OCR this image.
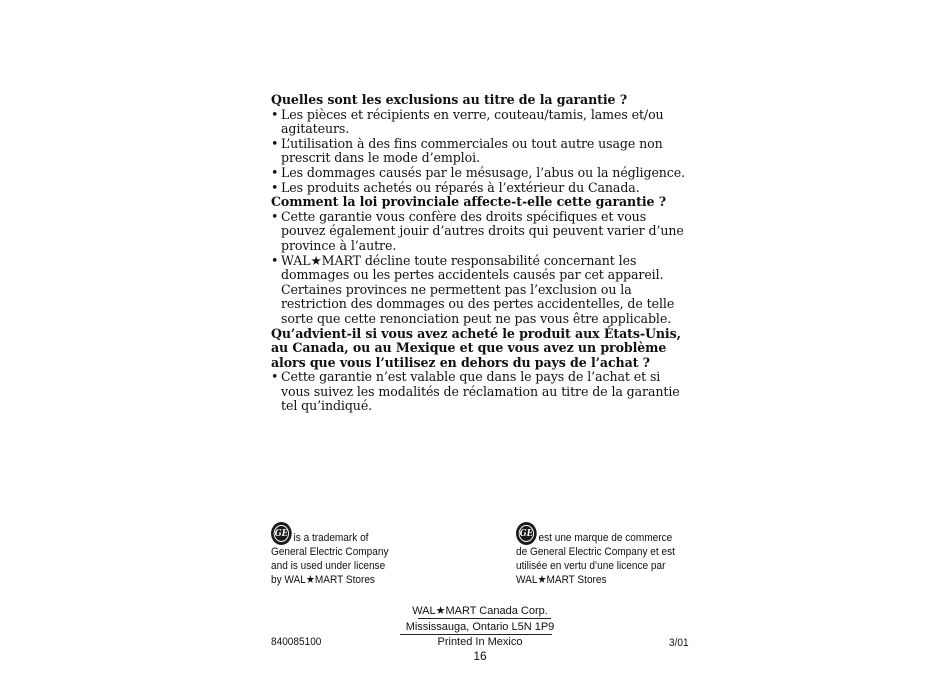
Quelles sont les exclusions au titre de la garantie ?

• Les pièces et récipients en verre, couteau/tamis, lames et/ou agitateurs.
• L’utilisation à des fins commerciales ou tout autre usage non prescrit dans le mode d’emploi.
• Les dommages causés par le mésusage, l’abus ou la négligence.
• Les produits achetés ou réparés à l’extérieur du Canada.

Comment la loi provinciale affecte-t-elle cette garantie ?

• Cette garantie vous confère des droits spécifiques et vous pouvez également jouir d’autres droits qui peuvent varier d’une province à l’autre.
• WAL★MART décline toute responsabilité concernant les dommages ou les pertes accidentels causés par cet appareil. Certaines provinces ne permettent pas l’exclusion ou la restriction des dommages ou des pertes accidentelles, de telle sorte que cette renonciation peut ne pas vous être applicable.

Qu’advient-il si vous avez acheté le produit aux États-Unis, au Canada, ou au Mexique et que vous avez un problème alors que vous l’utilisez en dehors du pays de l’achat ?

• Cette garantie n’est valable que dans le pays de l’achat et si vous suivez les modalités de réclamation au titre de la garantie tel qu’indiqué.
GE is a trademark of
General Electric Company
and is used under license
by WAL★MART Stores
GE est une marque de commerce
de General Electric Company et est
utilisée en vertu d’une licence par
WAL★MART Stores
WAL★MART Canada Corp.
Mississauga, Ontario L5N 1P9
Printed In Mexico
16
840085100	3/01
